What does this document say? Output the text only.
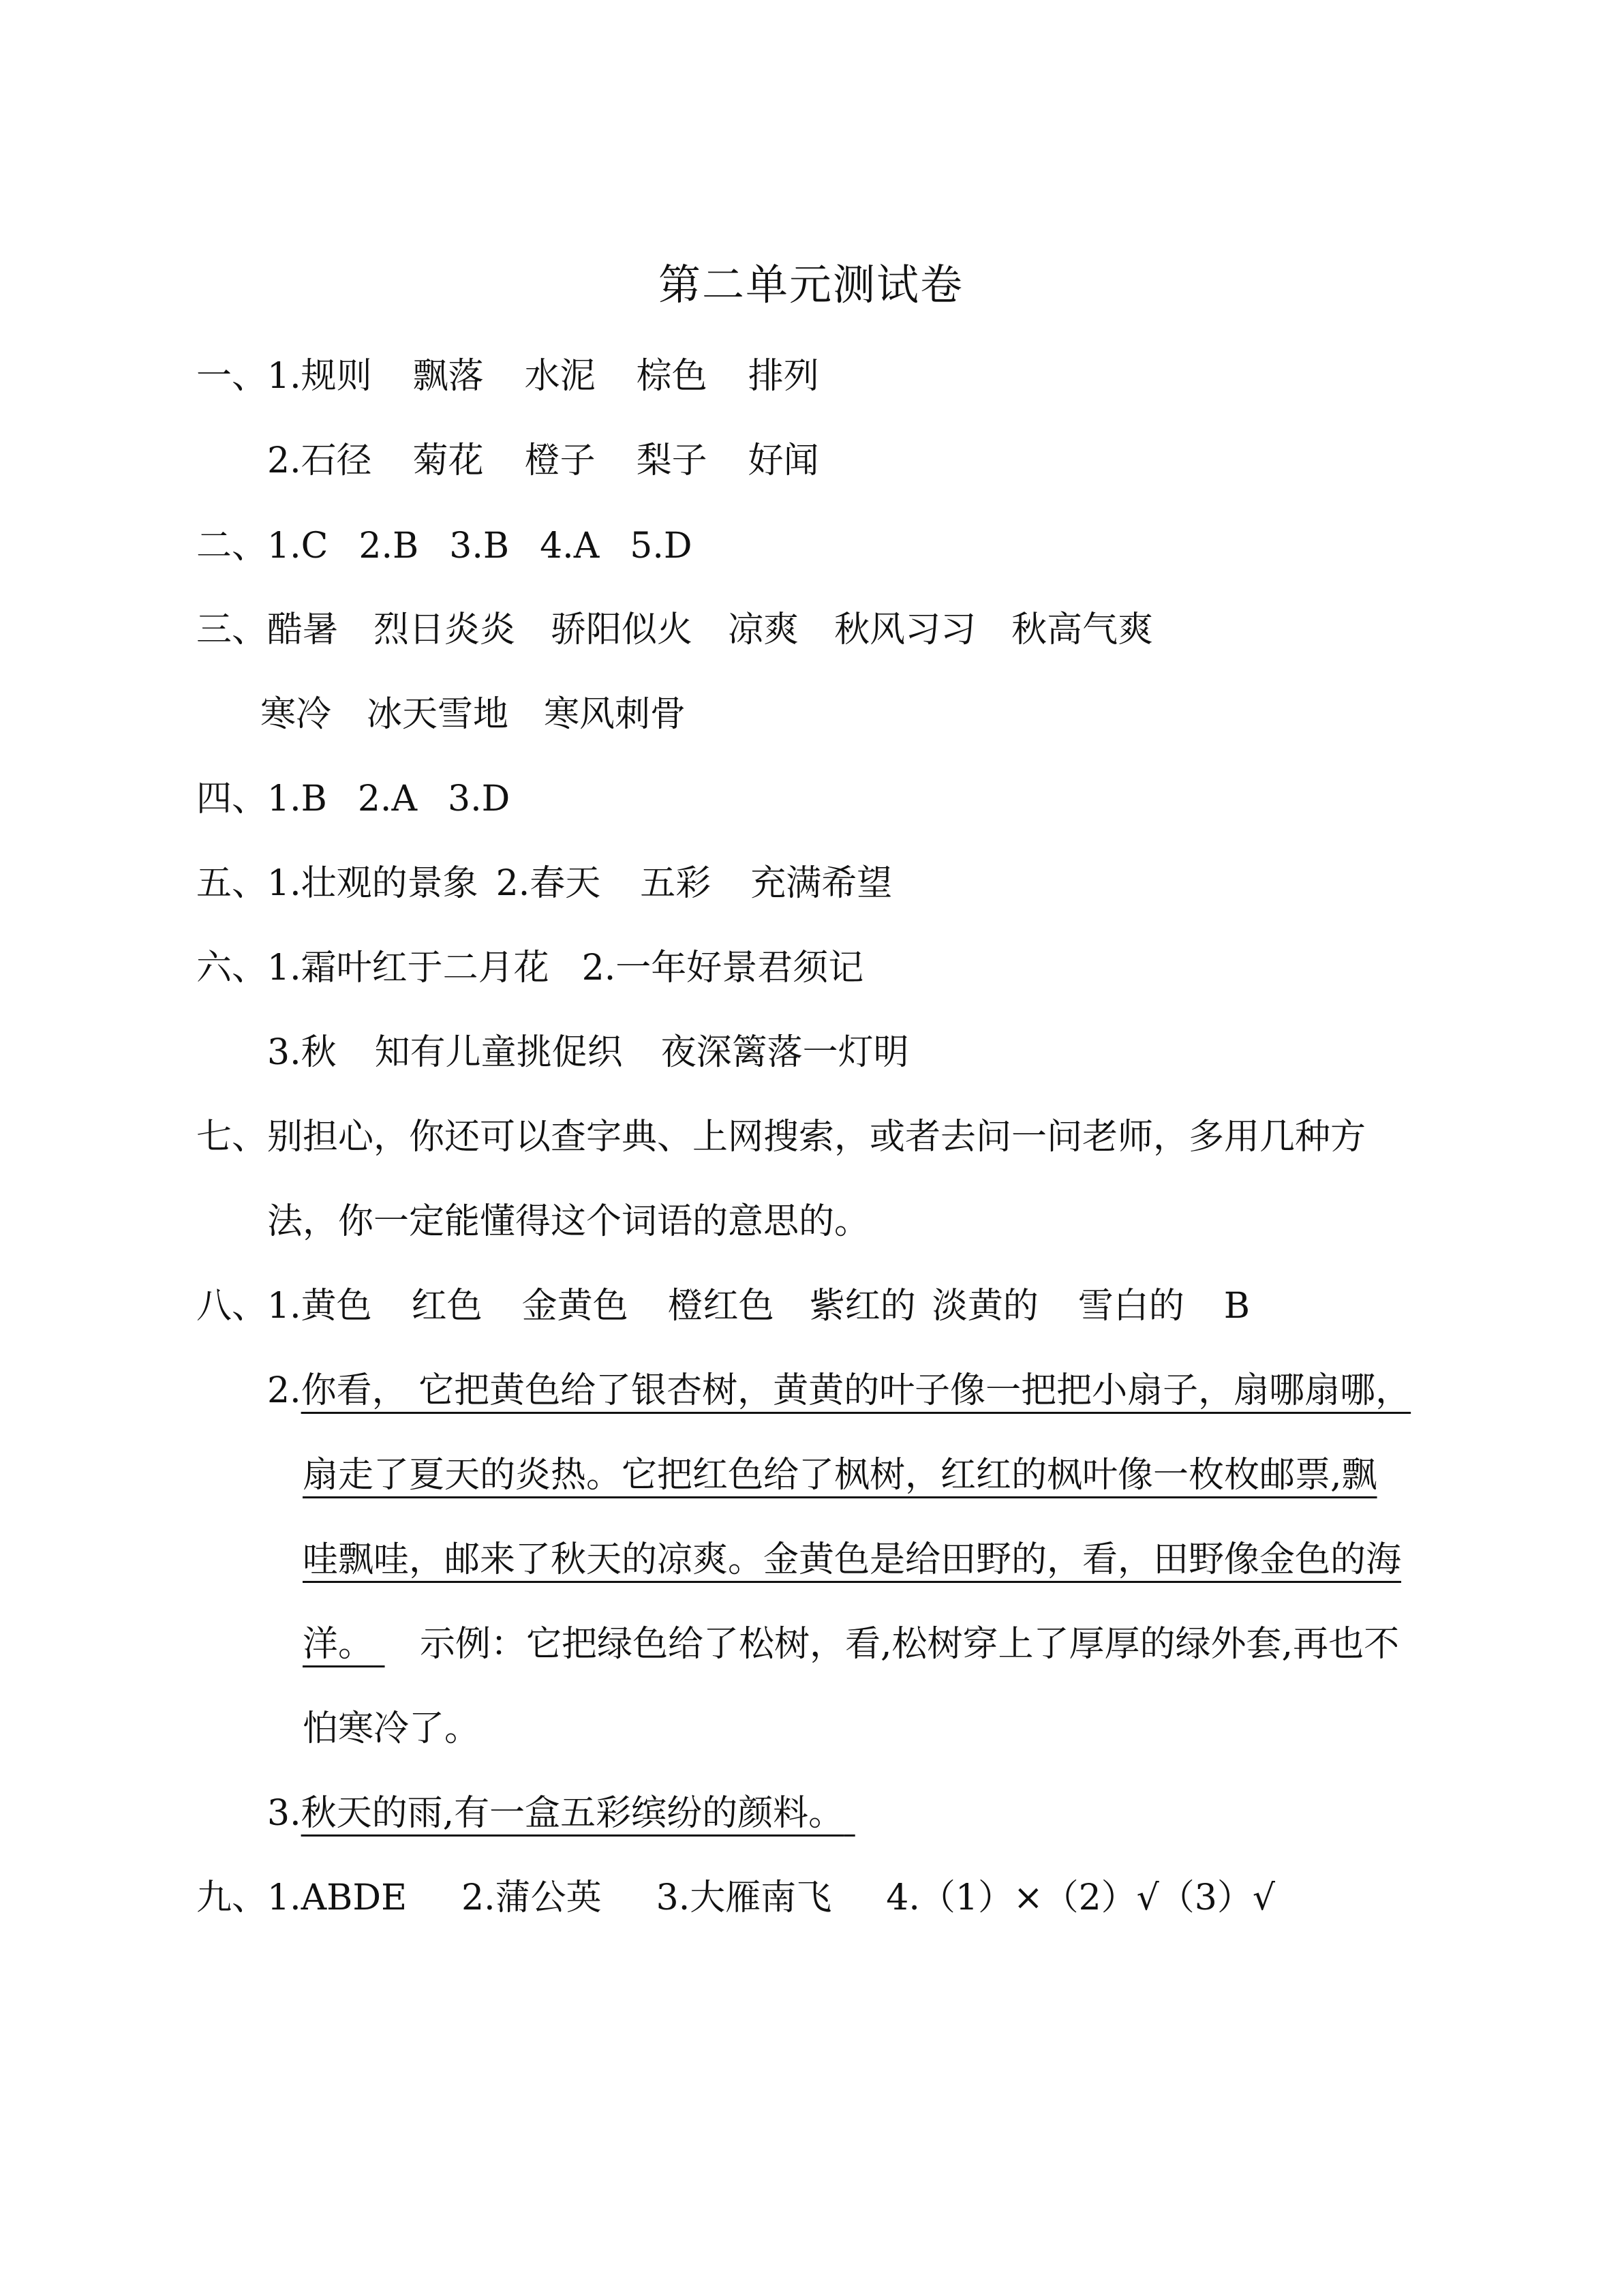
第二单元测试卷
一、1.规则 飘落 水泥 棕色 排列
2.石径 菊花 橙子 梨子 好闻
二、1.C 2.B 3.B 4.A 5.D
三、酷暑 烈日炎炎 骄阳似火 凉爽 秋风习习 秋高气爽
寒冷 冰天雪地 寒风刺骨
四、1.B 2.A 3.D
五、1.壮观的景象 2.春天 五彩 充满希望
六、1.霜叶红于二月花 2.一年好景君须记
3.秋 知有儿童挑促织 夜深篱落一灯明
七、别担心，你还可以查字典、上网搜索，或者去问一问老师，多用几种方
法，你一定能懂得这个词语的意思的。
八、1.黄色 红色 金黄色 橙红色 紫红的 淡黄的 雪白的 B
2.你看， 它把黄色给了银杏树，黄黄的叶子像一把把小扇子，扇哪扇哪，
扇走了夏天的炎热。它把红色给了枫树，红红的枫叶像一枚枚邮票,飘
哇飘哇，邮来了秋天的凉爽。金黄色是给田野的，看，田野像金色的海
洋。 示例：它把绿色给了松树，看,松树穿上了厚厚的绿外套,再也不
怕寒冷了。
3.秋天的雨,有一盒五彩缤纷的颜料。
九、1.ABDE 2.蒲公英 3.大雁南飞 4.（1）×（2）√（3）√
